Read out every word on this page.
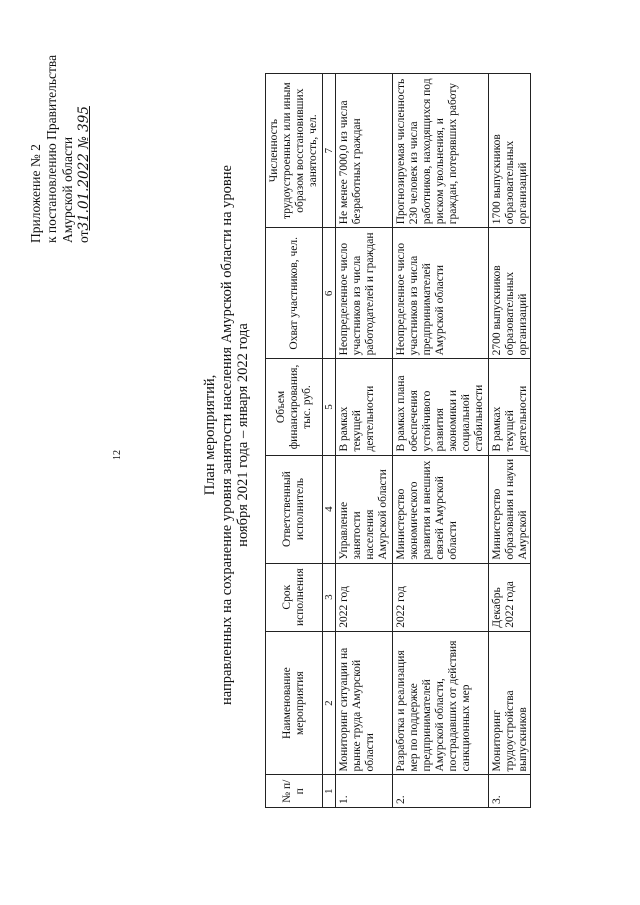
12
Приложение № 2 к постановлению Правительства Амурской области от31.01.2022 № 395
План мероприятий, направленных на сохранение уровня занятости населения Амурской области на уровне ноября 2021 года – января 2022 года
№ п/п	Наименование мероприятия	Срок исполнения	Ответственный исполнитель	Объем финансирования, тыс. руб.	Охват участников, чел.	Численность трудоустроенных или иным образом восстановивших занятость, чел.
1	2	3	4	5	6	7
1.	Мониторинг ситуации на рынке труда Амурской области	2022 год	Управление занятости населения Амурской области	В рамках текущей деятельности	Неопределенное число участников из числа работодателей и граждан	Не менее 7000,0 из числа безработных граждан
2.	Разработка и реализация мер по поддержке предпринимателей Амурской области, пострадавших от действия санкционных мер	2022 год	Министерство экономического развития и внешних связей Амурской области	В рамках плана обеспечения устойчивого развития экономики и социальной стабильности	Неопределенное число участников из числа предпринимателей Амурской области	Прогнозируемая численность 230 человек из числа работников, находящихся под риском увольнения, и граждан, потерявших работу
3.	Мониторинг трудоустройства выпускников	Декабрь 2022 года	Министерство образования и науки Амурской	В рамках текущей деятельности	2700 выпускников образовательных организаций	1700 выпускников образовательных организаций
